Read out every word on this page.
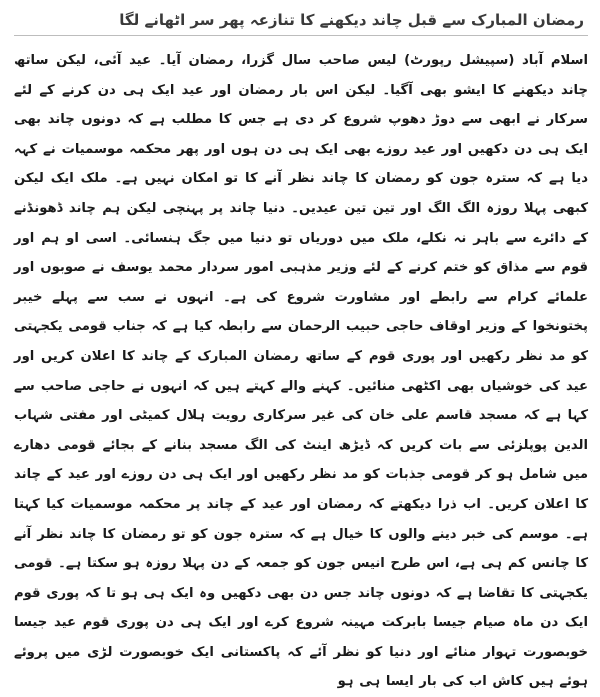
رمضان المبارک سے قبل چاند دیکھنے کا تنازعہ پھر سر اٹھانے لگا

اسلام آباد (سپیشل رپورٹ) لیس صاحب سال گزرا، رمضان آیا۔ عید آئی، لیکن ساتھ چاند دیکھنے کا ایشو بھی آگیا۔ لیکن اس بار رمضان اور عید ایک ہی دن کرنے کے لئے سرکار نے ابھی سے دوڑ دھوپ شروع کر دی ہے جس کا مطلب ہے کہ دونوں چاند بھی ایک ہی دن دکھیں اور عید روزے بھی ایک ہی دن ہوں اور پھر محکمہ موسمیات نے کہہ دیا ہے کہ سترہ جون کو رمضان کا چاند نظر آنے کا تو امکان نہیں ہے۔ ملک ایک لیکن کبھی پہلا روزہ الگ الگ اور تین تین عیدیں۔ دنیا چاند پر پہنچی لیکن ہم چاند ڈھونڈنے کے دائرے سے باہر نہ نکلے، ملک میں دوریاں تو دنیا میں جگ ہنسائی۔ اسی او ہم اور قوم سے مذاق کو ختم کرنے کے لئے وزیر مذہبی امور سردار محمد یوسف نے صوبوں اور علمائے کرام سے رابطے اور مشاورت شروع کی ہے۔ انہوں نے سب سے پہلے خیبر پختونخوا کے وزیر اوقاف حاجی حبیب الرحمان سے رابطہ کیا ہے کہ جناب قومی یکجہتی کو مد نظر رکھیں اور پوری قوم کے ساتھ رمضان المبارک کے چاند کا اعلان کریں اور عید کی خوشیاں بھی اکٹھی منائیں۔ کہنے والے کہتے ہیں کہ انہوں نے حاجی صاحب سے کہا ہے کہ مسجد قاسم علی خان کی غیر سرکاری رویت ہلال کمیٹی اور مفتی شہاب الدین پوپلزئی سے بات کریں کہ ڈیڑھ اینٹ کی الگ مسجد بنانے کے بجائے قومی دھارے میں شامل ہو کر قومی جذبات کو مد نظر رکھیں اور ایک ہی دن روزے اور عید کے چاند کا اعلان کریں۔ اب ذرا دیکھتے کہ رمضان اور عید کے چاند پر محکمہ موسمیات کیا کہتا ہے۔ موسم کی خبر دینے والوں کا خیال ہے کہ سترہ جون کو تو رمضان کا چاند نظر آنے کا چانس کم ہی ہے، اس طرح انیس جون کو جمعہ کے دن پہلا روزہ ہو سکتا ہے۔ قومی یکجہتی کا تقاضا ہے کہ دونوں چاند جس دن بھی دکھیں وہ ایک ہی ہو تا کہ پوری قوم ایک دن ماہ صیام جیسا بابرکت مہینہ شروع کرے اور ایک ہی دن پوری قوم عید جیسا خوبصورت تہوار منائے اور دنیا کو نظر آئے کہ پاکستانی ایک خوبصورت لڑی میں پروئے ہوئے ہیں کاش اب کی بار ایسا ہی ہو
